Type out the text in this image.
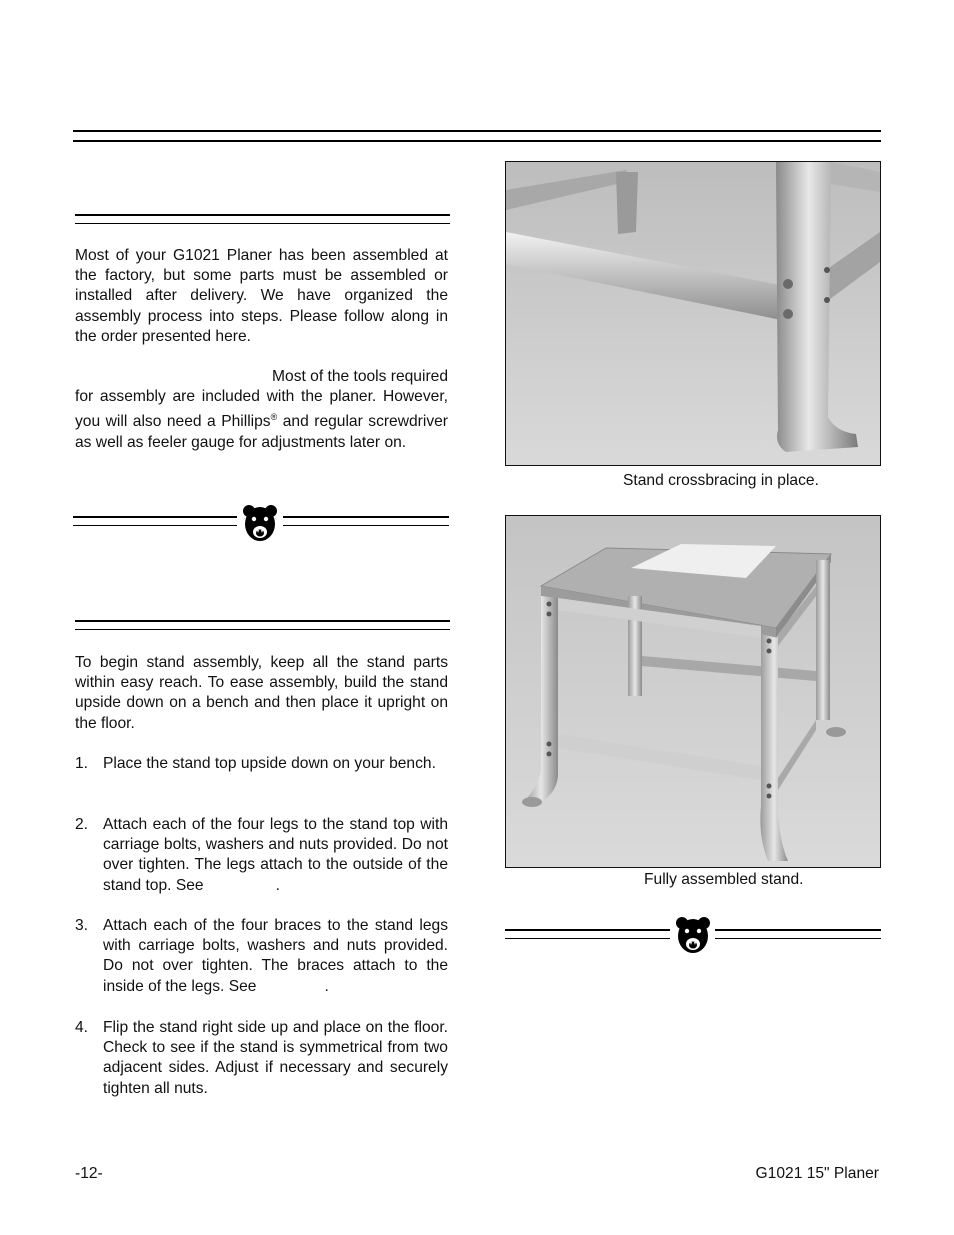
Most of your G1021 Planer has been assembled at the factory, but some parts must be assembled or installed after delivery. We have organized the assembly process into steps. Please follow along in the order presented here.

Most of the tools required
for assembly are included with the planer. However, you will also need a Phillips® and regular screwdriver as well as feeler gauge for adjustments later on.

To begin stand assembly, keep all the stand parts within easy reach. To ease assembly, build the stand upside down on a bench and then place it upright on the floor.

1. Place the stand top upside down on your bench.
2. Attach each of the four legs to the stand top with carriage bolts, washers and nuts provided. Do not over tighten. The legs attach to the outside of the stand top. See	.
3. Attach each of the four braces to the stand legs with carriage bolts, washers and nuts provided. Do not over tighten. The braces attach to the inside of the legs. See	.
4. Flip the stand right side up and place on the floor. Check to see if the stand is symmetrical from two adjacent sides. Adjust if necessary and securely tighten all nuts.
Stand crossbracing in place.
Fully assembled stand.
-12-	G1021 15" Planer
